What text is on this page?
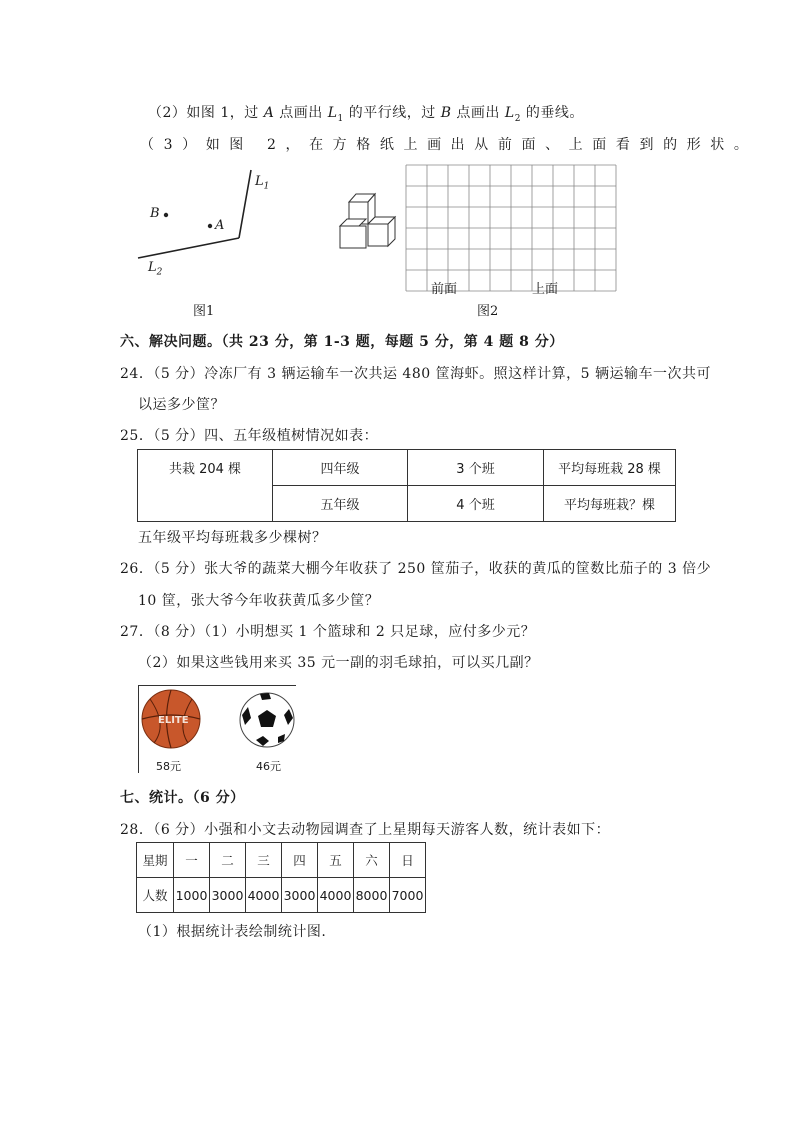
（2）如图 1，过 A 点画出 $L_1$ 的平行线，过 B 点画出 $L_2$ 的垂线。
（3）如图 2，在方格纸上画出从前面、上面看到的形状。
$L_1$
$L_2$
B
A
图1
前面	上面
图2
六、解决问题。（共 23 分，第 1-3 题，每题 5 分，第 4 题 8 分）
24．（5 分）冷冻厂有 3 辆运输车一次共运 480 筐海虾。照这样计算，5 辆运输车一次共可
以运多少筐？
25．（5 分）四、五年级植树情况如表：
共栽 204 棵	四年级	3 个班	平均每班栽 28 棵
	五年级	4 个班	平均每班栽？棵
五年级平均每班栽多少棵树？
26．（5 分）张大爷的蔬菜大棚今年收获了 250 筐茄子，收获的黄瓜的筐数比茄子的 3 倍少
10 筐，张大爷今年收获黄瓜多少筐？
27．（8 分）（1）小明想买 1 个篮球和 2 只足球，应付多少元？
（2）如果这些钱用来买 35 元一副的羽毛球拍，可以买几副？
ELITE
58元	46元
七、统计。（6 分）
28．（6 分）小强和小文去动物园调查了上星期每天游客人数，统计表如下：
星期	一	二	三	四	五	六	日
人数	1000	3000	4000	3000	4000	8000	7000
（1）根据统计表绘制统计图.
